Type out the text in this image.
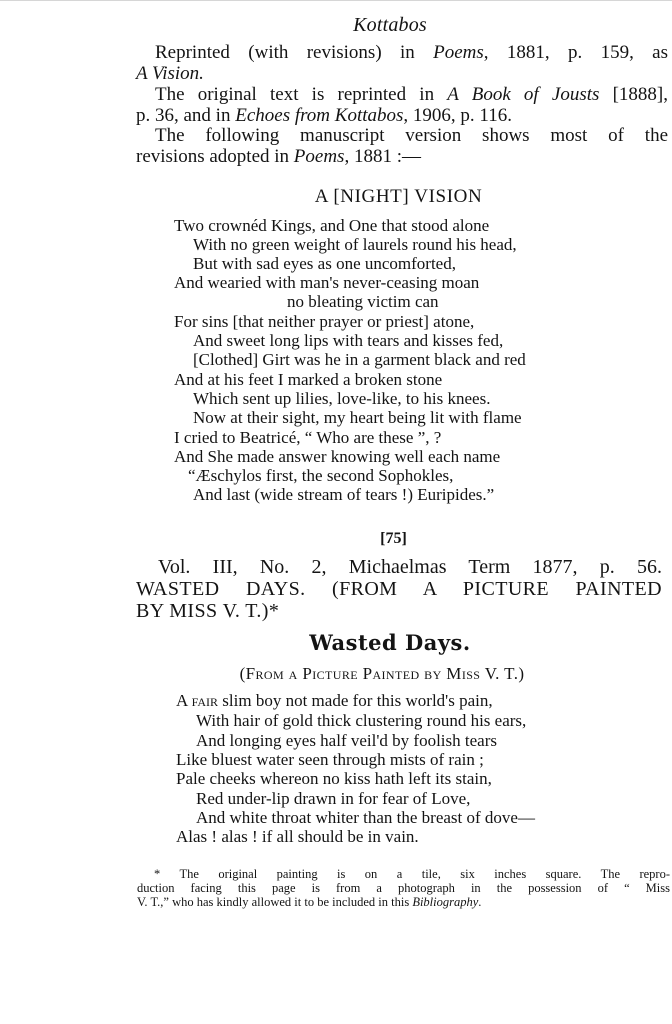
Kottabos
Reprinted (with revisions) in Poems, 1881, p. 159, as
A Vision.
The original text is reprinted in A Book of Jousts [1888],
p. 36, and in Echoes from Kottabos, 1906, p. 116.
The following manuscript version shows most of the
revisions adopted in Poems, 1881 :—
A [NIGHT] VISION
Two crownéd Kings, and One that stood alone
With no green weight of laurels round his head,
But with sad eyes as one uncomforted,
And wearied with man's never-ceasing moan
no bleating victim can
For sins [that neither prayer or priest] atone,
And sweet long lips with tears and kisses fed,
[Clothed] Girt was he in a garment black and red
And at his feet I marked a broken stone
Which sent up lilies, love-like, to his knees.
Now at their sight, my heart being lit with flame
I cried to Beatricé, “ Who are these ”, ?
And She made answer knowing well each name
“Æschylos first, the second Sophokles,
And last (wide stream of tears !) Euripides.”
[75]
Vol. III, No. 2, Michaelmas Term 1877, p. 56.
WASTED DAYS. (FROM A PICTURE PAINTED
BY MISS V. T.)*
Wasted Days.
(From a Picture Painted by Miss V. T.)
A fair slim boy not made for this world's pain,
With hair of gold thick clustering round his ears,
And longing eyes half veil'd by foolish tears
Like bluest water seen through mists of rain ;
Pale cheeks whereon no kiss hath left its stain,
Red under-lip drawn in for fear of Love,
And white throat whiter than the breast of dove—
Alas ! alas ! if all should be in vain.
* The original painting is on a tile, six inches square. The repro-
duction facing this page is from a photograph in the possession of “ Miss
V. T.,” who has kindly allowed it to be included in this Bibliography.
